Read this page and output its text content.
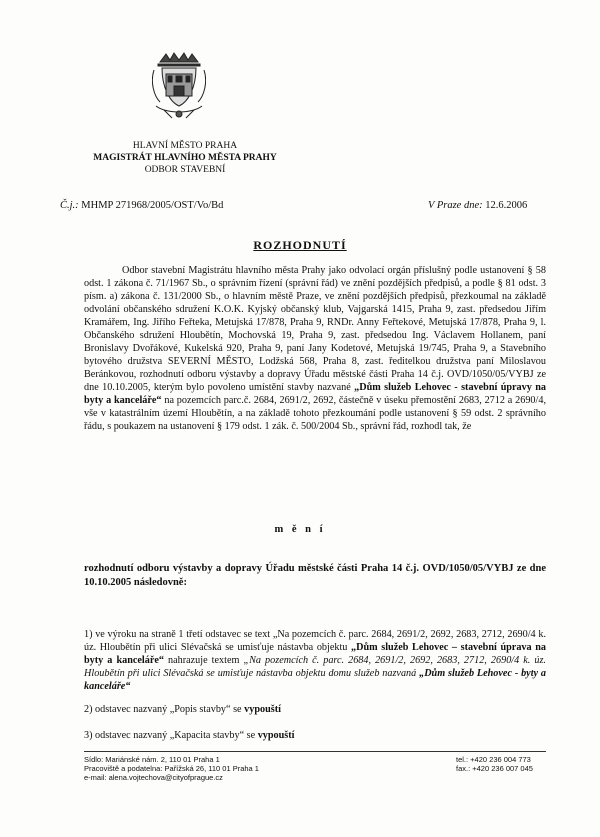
HLAVNÍ MĚSTO PRAHA
MAGISTRÁT HLAVNÍHO MĚSTA PRAHY
ODBOR STAVEBNÍ
Č.j.: MHMP 271968/2005/OST/Vo/Bd	V Praze dne: 12.6.2006
ROZHODNUTÍ
Odbor stavební Magistrátu hlavního města Prahy jako odvolací orgán příslušný podle ustanovení § 58 odst. 1 zákona č. 71/1967 Sb., o správním řízení (správní řád) ve znění pozdějších předpisů, a podle § 81 odst. 3 písm. a) zákona č. 131/2000 Sb., o hlavním městě Praze, ve znění pozdějších předpisů, přezkoumal na základě odvolání občanského sdružení K.O.K. Kyjský občanský klub, Vajgarská 1415, Praha 9, zast. předsedou Jiřím Kramářem, Ing. Jiřího Feřteka, Metujská 17/878, Praha 9, RNDr. Anny Feřtekové, Metujská 17/878, Praha 9, l. Občanského sdružení Hloubětín, Mochovská 19, Praha 9, zast. předsedou Ing. Václavem Hollanem, paní Bronislavy Dvořákové, Kukelská 920, Praha 9, paní Jany Kodetové, Metujská 19/745, Praha 9, a Stavebního bytového družstva SEVERNÍ MĚSTO, Lodžská 568, Praha 8, zast. ředitelkou družstva paní Miloslavou Beránkovou, rozhodnutí odboru výstavby a dopravy Úřadu městské části Praha 14 č.j. OVD/1050/05/VYBJ ze dne 10.10.2005, kterým bylo povoleno umístění stavby nazvané „Dům služeb Lehovec - stavební úpravy na byty a kanceláře“ na pozemcích parc.č. 2684, 2691/2, 2692, částečně v úseku přemostění 2683, 2712 a 2690/4, vše v katastrálním území Hloubětín, a na základě tohoto přezkoumání podle ustanovení § 59 odst. 2 správního řádu, s poukazem na ustanovení § 179 odst. 1 zák. č. 500/2004 Sb., správní řád, rozhodl tak, že
m ě n í
rozhodnutí odboru výstavby a dopravy Úřadu městské části Praha 14 č.j. OVD/1050/05/VYBJ ze dne 10.10.2005 následovně:
1) ve výroku na straně 1 třetí odstavec se text „Na pozemcích č. parc. 2684, 2691/2, 2692, 2683, 2712, 2690/4 k. úz. Hloubětín při ulici Slévačská se umisťuje nástavba objektu „Dům služeb Lehovec – stavební úprava na byty a kanceláře“ nahrazuje textem „Na pozemcích č. parc. 2684, 2691/2, 2692, 2683, 2712, 2690/4 k. úz. Hloubětín při ulici Slévačská se umisťuje nástavba objektu domu služeb nazvaná „Dům služeb Lehovec - byty a kanceláře“
2) odstavec nazvaný „Popis stavby“ se vypouští
3) odstavec nazvaný „Kapacita stavby“ se vypouští
Sídlo: Mariánské nám. 2, 110 01 Praha 1
Pracoviště a podatelna: Pařížská 26, 110 01 Praha 1
e-mail: alena.vojtechova@cityofprague.cz
tel.: +420 236 004 773
fax.: +420 236 007 045
